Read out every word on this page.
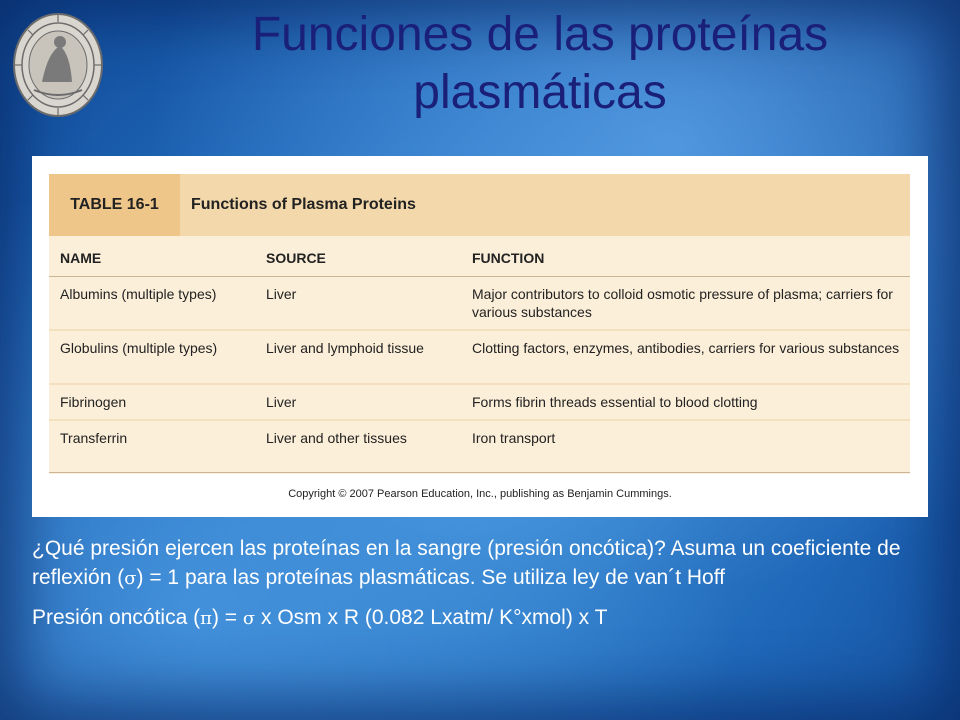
Funciones de las proteínas plasmáticas
TABLE 16-1	Functions of Plasma Proteins
NAME	SOURCE	FUNCTION
Albumins (multiple types)	Liver	Major contributors to colloid osmotic pressure of plasma; carriers for various substances
Globulins (multiple types)	Liver and lymphoid tissue	Clotting factors, enzymes, antibodies, carriers for various substances
Fibrinogen	Liver	Forms fibrin threads essential to blood clotting
Transferrin	Liver and other tissues	Iron transport
Copyright © 2007 Pearson Education, Inc., publishing as Benjamin Cummings.

¿Qué presión ejercen las proteínas en la sangre (presión oncótica)? Asuma un coeficiente de reflexión (σ) = 1 para las proteínas plasmáticas. Se utiliza ley de van´t Hoff

Presión oncótica (π) = σ x Osm x R (0.082 Lxatm/ K°xmol) x T
